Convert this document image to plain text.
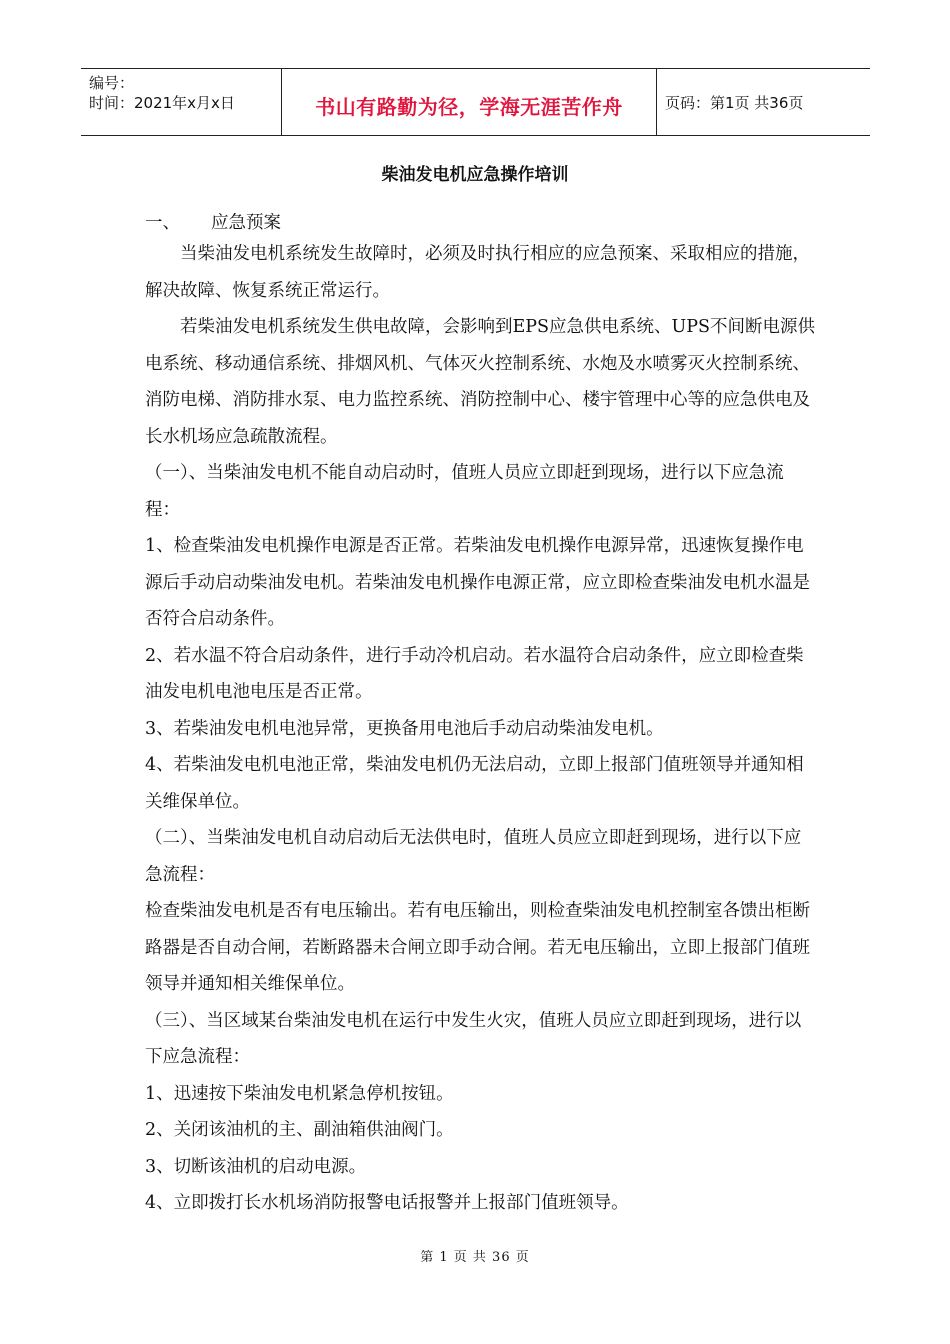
编号：
时间：2021年x月x日	书山有路勤为径，学海无涯苦作舟	页码：第1页 共36页
柴油发电机应急操作培训

一、 应急预案

当柴油发电机系统发生故障时，必须及时执行相应的应急预案、采取相应的措施，解决故障、恢复系统正常运行。

若柴油发电机系统发生供电故障，会影响到EPS应急供电系统、UPS不间断电源供电系统、移动通信系统、排烟风机、气体灭火控制系统、水炮及水喷雾灭火控制系统、消防电梯、消防排水泵、电力监控系统、消防控制中心、楼宇管理中心等的应急供电及长水机场应急疏散流程。

（一）、当柴油发电机不能自动启动时，值班人员应立即赶到现场，进行以下应急流程：

1、检查柴油发电机操作电源是否正常。若柴油发电机操作电源异常，迅速恢复操作电源后手动启动柴油发电机。若柴油发电机操作电源正常，应立即检查柴油发电机水温是否符合启动条件。

2、若水温不符合启动条件，进行手动冷机启动。若水温符合启动条件，应立即检查柴油发电机电池电压是否正常。

3、若柴油发电机电池异常，更换备用电池后手动启动柴油发电机。

4、若柴油发电机电池正常，柴油发电机仍无法启动，立即上报部门值班领导并通知相关维保单位。

（二）、当柴油发电机自动启动后无法供电时，值班人员应立即赶到现场，进行以下应急流程：

检查柴油发电机是否有电压输出。若有电压输出，则检查柴油发电机控制室各馈出柜断路器是否自动合闸，若断路器未合闸立即手动合闸。若无电压输出，立即上报部门值班领导并通知相关维保单位。

（三）、当区域某台柴油发电机在运行中发生火灾，值班人员应立即赶到现场，进行以下应急流程：

1、迅速按下柴油发电机紧急停机按钮。

2、关闭该油机的主、副油箱供油阀门。

3、切断该油机的启动电源。

4、立即拨打长水机场消防报警电话报警并上报部门值班领导。

第 1 页 共 36 页
